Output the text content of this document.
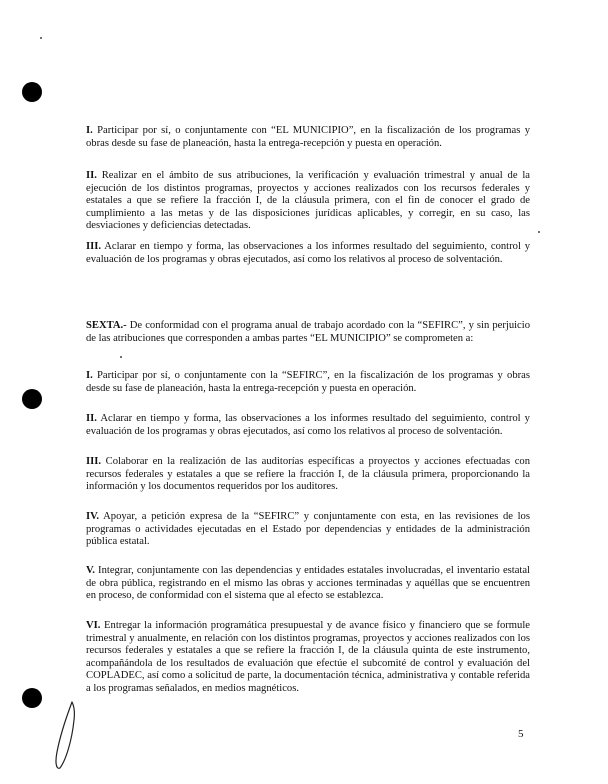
I. Participar por sí, o conjuntamente con “EL MUNICIPIO”, en la fiscalización de los programas y obras desde su fase de planeación, hasta la entrega-recepción y puesta en operación.

II. Realizar en el ámbito de sus atribuciones, la verificación y evaluación trimestral y anual de la ejecución de los distintos programas, proyectos y acciones realizados con los recursos federales y estatales a que se refiere la fracción I, de la cláusula primera, con el fin de conocer el grado de cumplimiento a las metas y de las disposiciones jurídicas aplicables, y corregir, en su caso, las desviaciones y deficiencias detectadas.

III. Aclarar en tiempo y forma, las observaciones a los informes resultado del seguimiento, control y evaluación de los programas y obras ejecutados, así como los relativos al proceso de solventación.

SEXTA.- De conformidad con el programa anual de trabajo acordado con la “SEFIRC”, y sin perjuicio de las atribuciones que corresponden a ambas partes “EL MUNICIPIO” se comprometen a:

I. Participar por sí, o conjuntamente con la “SEFIRC”, en la fiscalización de los programas y obras desde su fase de planeación, hasta la entrega-recepción y puesta en operación.

II. Aclarar en tiempo y forma, las observaciones a los informes resultado del seguimiento, control y evaluación de los programas y obras ejecutados, así como los relativos al proceso de solventación.

III. Colaborar en la realización de las auditorías específicas a proyectos y acciones efectuadas con recursos federales y estatales a que se refiere la fracción I, de la cláusula primera, proporcionando la información y los documentos requeridos por los auditores.

IV. Apoyar, a petición expresa de la “SEFIRC” y conjuntamente con esta, en las revisiones de los programas o actividades ejecutadas en el Estado por dependencias y entidades de la administración pública estatal.

V. Integrar, conjuntamente con las dependencias y entidades estatales involucradas, el inventario estatal de obra pública, registrando en el mismo las obras y acciones terminadas y aquéllas que se encuentren en proceso, de conformidad con el sistema que al efecto se establezca.

VI. Entregar la información programática presupuestal y de avance físico y financiero que se formule trimestral y anualmente, en relación con los distintos programas, proyectos y acciones realizados con los recursos federales y estatales a que se refiere la fracción I, de la cláusula quinta de este instrumento, acompañándola de los resultados de evaluación que efectúe el subcomité de control y evaluación del COPLADEC, así como a solicitud de parte, la documentación técnica, administrativa y contable referida a los programas señalados, en medios magnéticos.

5
